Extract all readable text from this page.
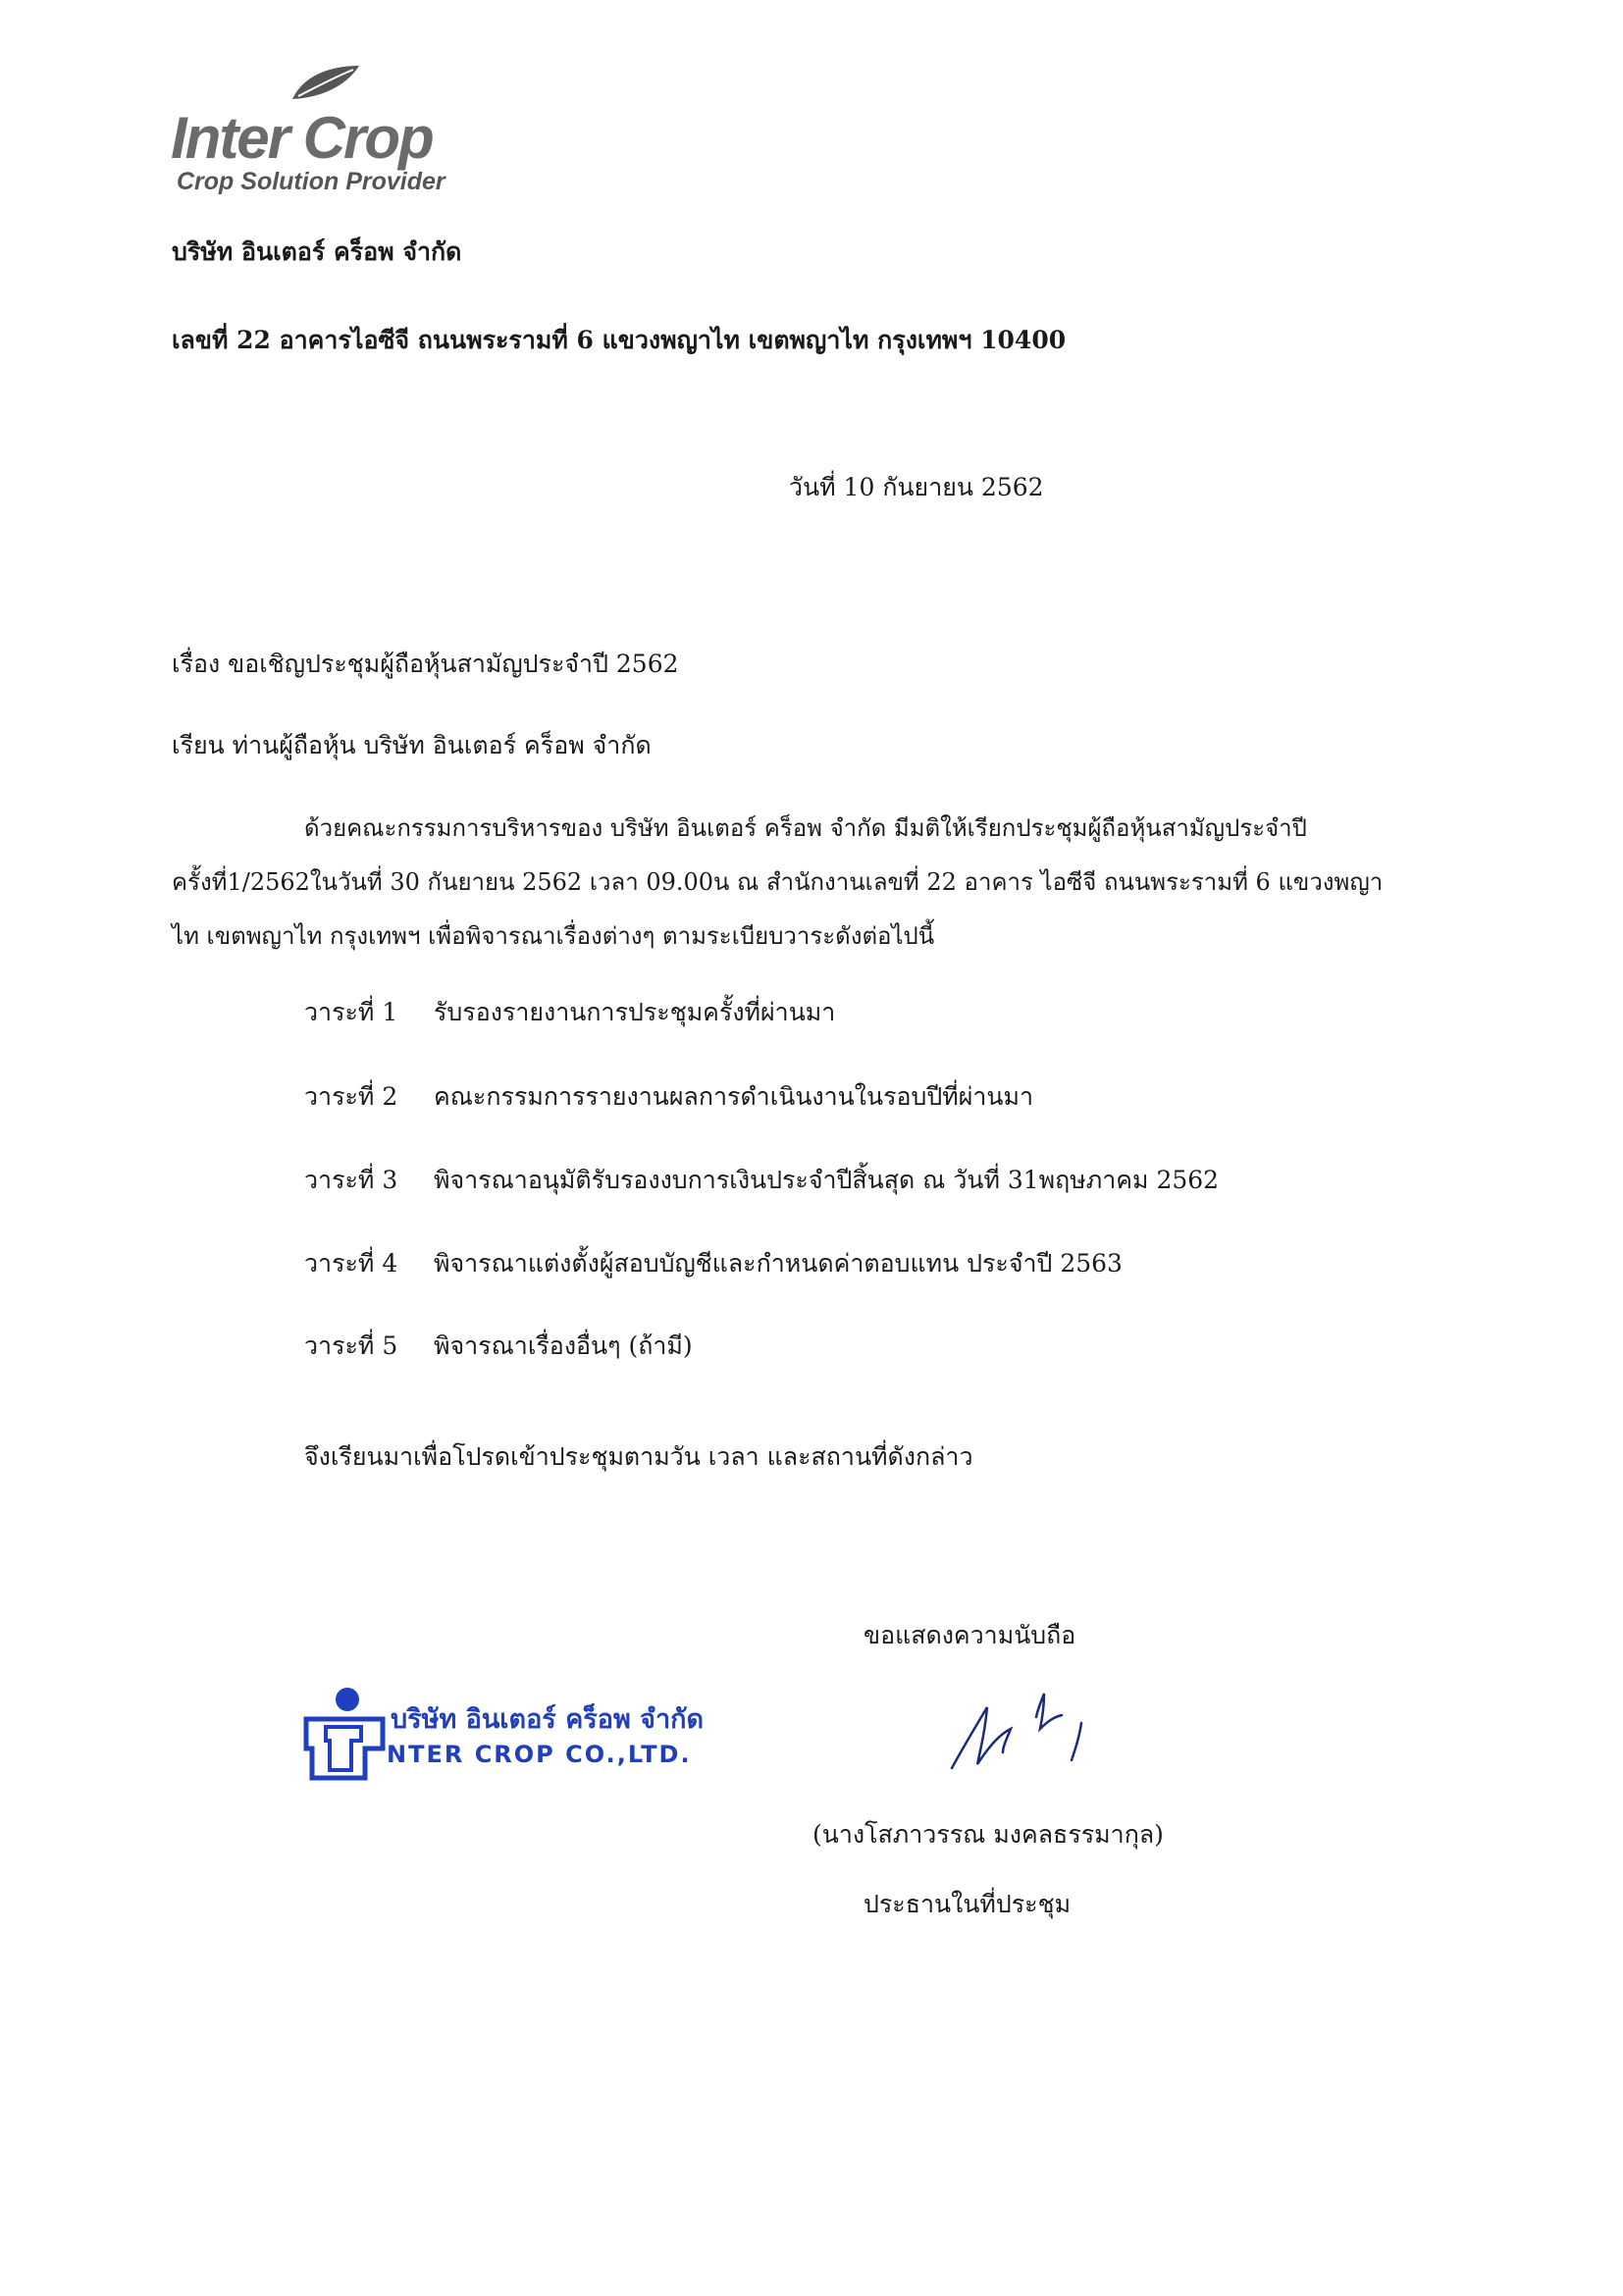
Inter Crop
Crop Solution Provider
บริษัท อินเตอร์ คร็อพ จำกัด
เลขที่ 22 อาคารไอซีจี ถนนพระรามที่ 6 แขวงพญาไท เขตพญาไท กรุงเทพฯ 10400
วันที่ 10 กันยายน 2562
เรื่อง ขอเชิญประชุมผู้ถือหุ้นสามัญประจำปี 2562
เรียน ท่านผู้ถือหุ้น บริษัท อินเตอร์ คร็อพ จำกัด
ด้วยคณะกรรมการบริหารของ บริษัท อินเตอร์ คร็อพ จำกัด มีมติให้เรียกประชุมผู้ถือหุ้นสามัญประจำปี
ครั้งที่1/2562ในวันที่ 30 กันยายน 2562 เวลา 09.00น ณ สำนักงานเลขที่ 22 อาคาร ไอซีจี ถนนพระรามที่ 6 แขวงพญา
ไท เขตพญาไท กรุงเทพฯ เพื่อพิจารณาเรื่องต่างๆ ตามระเบียบวาระดังต่อไปนี้
วาระที่ 1 รับรองรายงานการประชุมครั้งที่ผ่านมา
วาระที่ 2 คณะกรรมการรายงานผลการดำเนินงานในรอบปีที่ผ่านมา
วาระที่ 3 พิจารณาอนุมัติรับรองงบการเงินประจำปีสิ้นสุด ณ วันที่ 31พฤษภาคม 2562
วาระที่ 4 พิจารณาแต่งตั้งผู้สอบบัญชีและกำหนดค่าตอบแทน ประจำปี 2563
วาระที่ 5 พิจารณาเรื่องอื่นๆ (ถ้ามี)
จึงเรียนมาเพื่อโปรดเข้าประชุมตามวัน เวลา และสถานที่ดังกล่าว
ขอแสดงความนับถือ
บริษัท อินเตอร์ คร็อพ จำกัด
NTER CROP CO.,LTD.
(นางโสภาวรรณ มงคลธรรมากุล)
ประธานในที่ประชุม
